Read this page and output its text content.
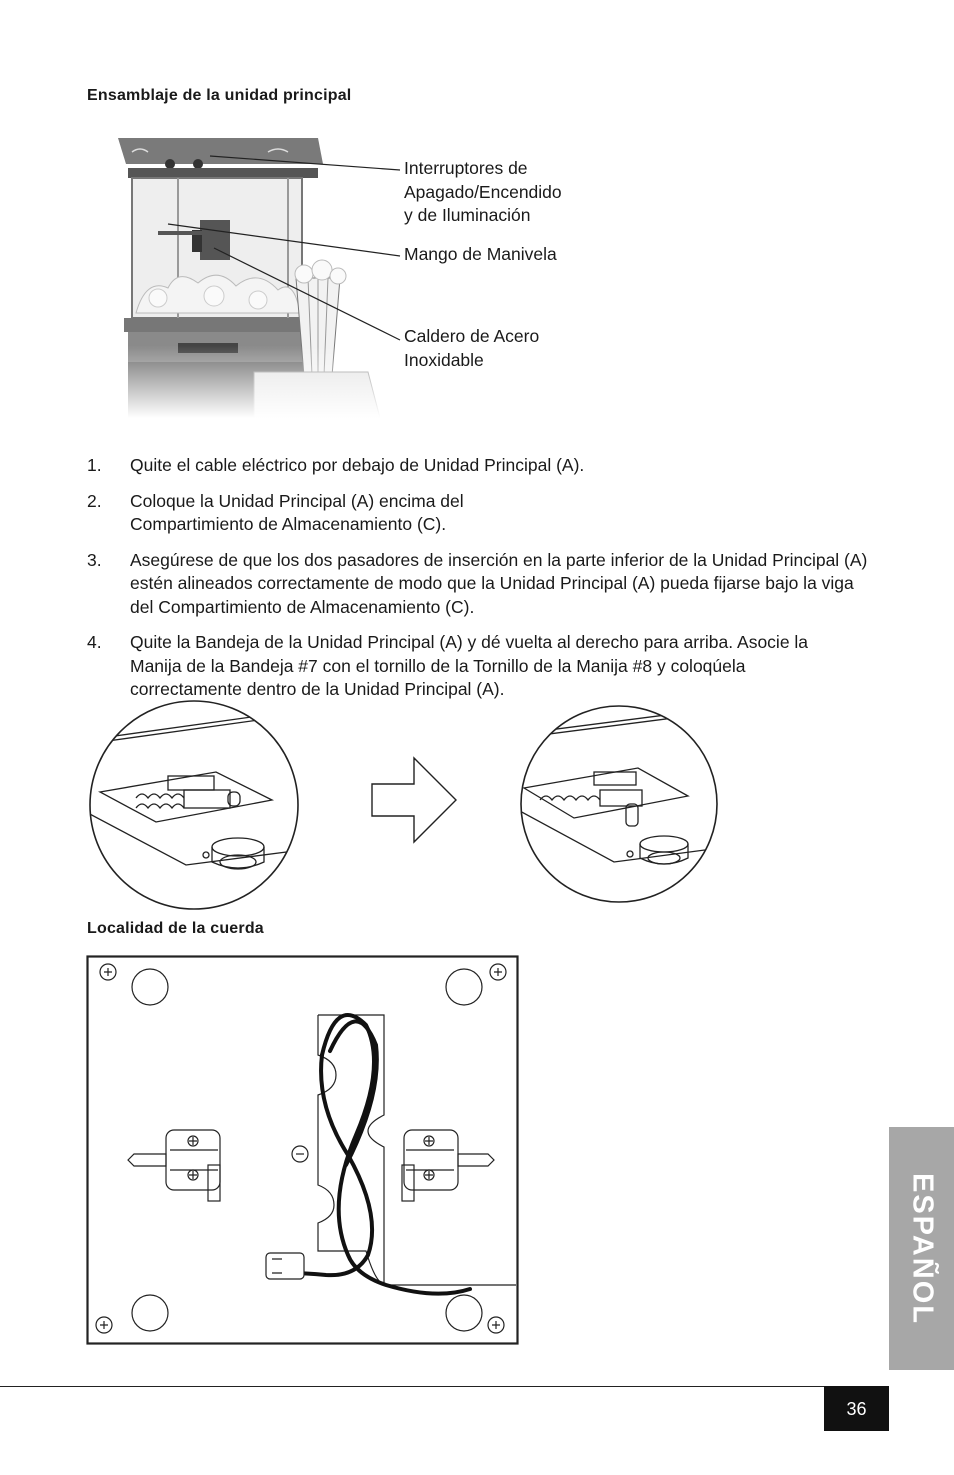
Ensamblaje de la unidad principal
Interruptores de
Apagado/Encendido
y de Iluminación
Mango de Manivela
Caldero de Acero
Inoxidable
1. Quite el cable eléctrico por debajo de Unidad Principal (A).
2. Coloque la Unidad Principal (A) encima del Compartimiento de Almacenamiento (C).
3. Asegúrese de que los dos pasadores de inserción en la parte inferior de la Unidad Principal (A) estén alineados correctamente de modo que la Unidad Principal (A) pueda fijarse bajo la viga del Compartimiento de Almacenamiento (C).
4. Quite la Bandeja de la Unidad Principal (A) y dé vuelta al derecho para arriba. Asocie la Manija de la Bandeja #7 con el tornillo de la Tornillo de la Manija #8 y coloqúela correctamente dentro de la Unidad Principal (A).
Localidad de la cuerda
ESPAÑOL
36
